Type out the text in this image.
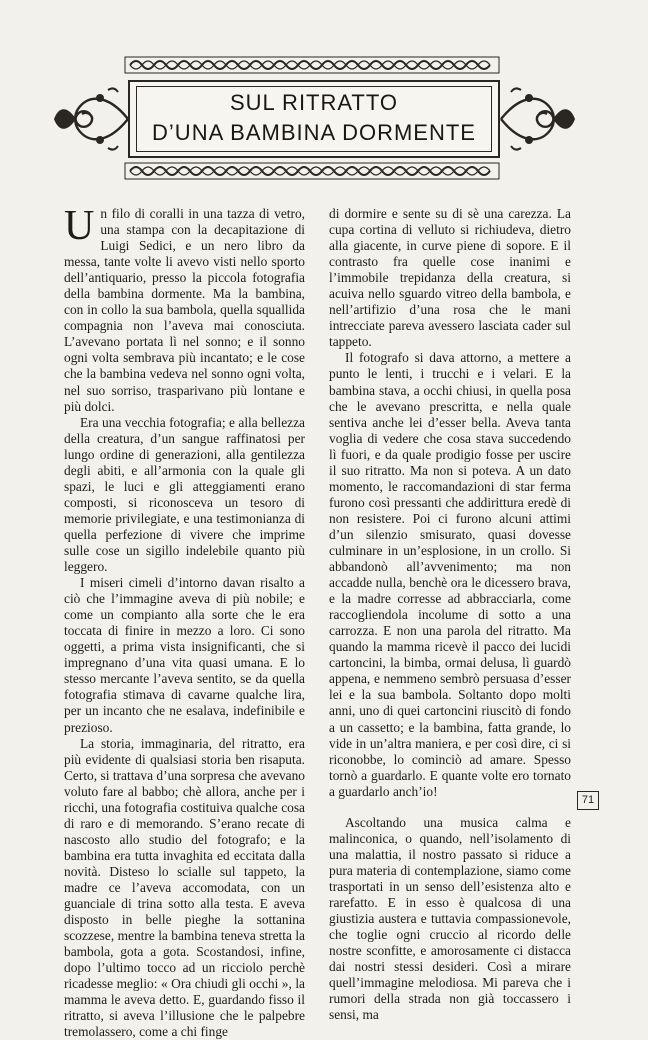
SUL RITRATTO
D’UNA BAMBINA DORMENTE

Un filo di coralli in una tazza di vetro, una stampa con la decapitazione di Luigi Sedici, e un nero libro da messa, tante volte li avevo visti nello sporto dell’antiquario, presso la piccola fotografia della bambina dormente. Ma la bambina, con in collo la sua bambola, quella squallida compagnia non l’aveva mai conosciuta. L’avevano portata lì nel sonno; e il sonno ogni volta sembrava più incantato; e le cose che la bambina vedeva nel sonno ogni volta, nel suo sorriso, trasparivano più lontane e più dolci.

Era una vecchia fotografia; e alla bellezza della creatura, d’un sangue raffinatosi per lungo ordine di generazioni, alla gentilezza degli abiti, e all’armonia con la quale gli spazi, le luci e gli atteggiamenti erano composti, si riconosceva un tesoro di memorie privilegiate, e una testimonianza di quella perfezione di vivere che imprime sulle cose un sigillo indelebile quanto più leggero.

I miseri cimeli d’intorno davan risalto a ciò che l’immagine aveva di più nobile; e come un compianto alla sorte che le era toccata di finire in mezzo a loro. Ci sono oggetti, a prima vista insignificanti, che si impregnano d’una vita quasi umana. E lo stesso mercante l’aveva sentito, se da quella fotografia stimava di cavarne qualche lira, per un incanto che ne esalava, indefinibile e prezioso.

La storia, immaginaria, del ritratto, era più evidente di qualsiasi storia ben risaputa. Certo, si trattava d’una sorpresa che avevano voluto fare al babbo; chè allora, anche per i ricchi, una fotografia costituiva qualche cosa di raro e di memorando. S’erano recate di nascosto allo studio del fotografo; e la bambina era tutta invaghita ed eccitata dalla novità. Disteso lo scialle sul tappeto, la madre ce l’aveva accomodata, con un guanciale di trina sotto alla testa. E aveva disposto in belle pieghe la sottanina scozzese, mentre la bambina teneva stretta la bambola, gota a gota. Scostandosi, infine, dopo l’ultimo tocco ad un ricciolo perchè ricadesse meglio: « Ora chiudi gli occhi », la mamma le aveva detto. E, guardando fisso il ritratto, si aveva l’illusione che le palpebre tremolassero, come a chi finge

di dormire e sente su di sè una carezza. La cupa cortina di velluto si richiudeva, dietro alla giacente, in curve piene di sopore. E il contrasto fra quelle cose inanimi e l’immobile trepidanza della creatura, si acuiva nello sguardo vitreo della bambola, e nell’artifizio d’una rosa che le mani intrecciate pareva avessero lasciata cader sul tappeto.

Il fotografo si dava attorno, a mettere a punto le lenti, i trucchi e i velari. E la bambina stava, a occhi chiusi, in quella posa che le avevano prescritta, e nella quale sentiva anche lei d’esser bella. Aveva tanta voglia di vedere che cosa stava succedendo lì fuori, e da quale prodigio fosse per uscire il suo ritratto. Ma non si poteva. A un dato momento, le raccomandazioni di star ferma furono così pressanti che addirittura eredè di non resistere. Poi ci furono alcuni attimi d’un silenzio smisurato, quasi dovesse culminare in un’esplosione, in un crollo. Si abbandonò all’avvenimento; ma non accadde nulla, benchè ora le dicessero brava, e la madre corresse ad abbracciarla, come raccogliendola incolume di sotto a una carrozza. E non una parola del ritratto. Ma quando la mamma ricevè il pacco dei lucidi cartoncini, la bimba, ormai delusa, lì guardò appena, e nemmeno sembrò persuasa d’esser lei e la sua bambola. Soltanto dopo molti anni, uno di quei cartoncini riuscitò di fondo a un cassetto; e la bambina, fatta grande, lo vide in un’altra maniera, e per così dire, ci si riconobbe, lo cominciò ad amare. Spesso tornò a guardarlo. E quante volte ero tornato a guardarlo anch’io!

Ascoltando una musica calma e malinconica, o quando, nell’isolamento di una malattia, il nostro passato si riduce a pura materia di contemplazione, siamo come trasportati in un senso dell’esistenza alto e rarefatto. E in esso è qualcosa di una giustizia austera e tuttavia compassionevole, che toglie ogni cruccio al ricordo delle nostre sconfitte, e amorosamente ci distacca dai nostri stessi desideri. Così a mirare quell’immagine melodiosa. Mi pareva che i rumori della strada non già toccassero i sensi, ma

71
